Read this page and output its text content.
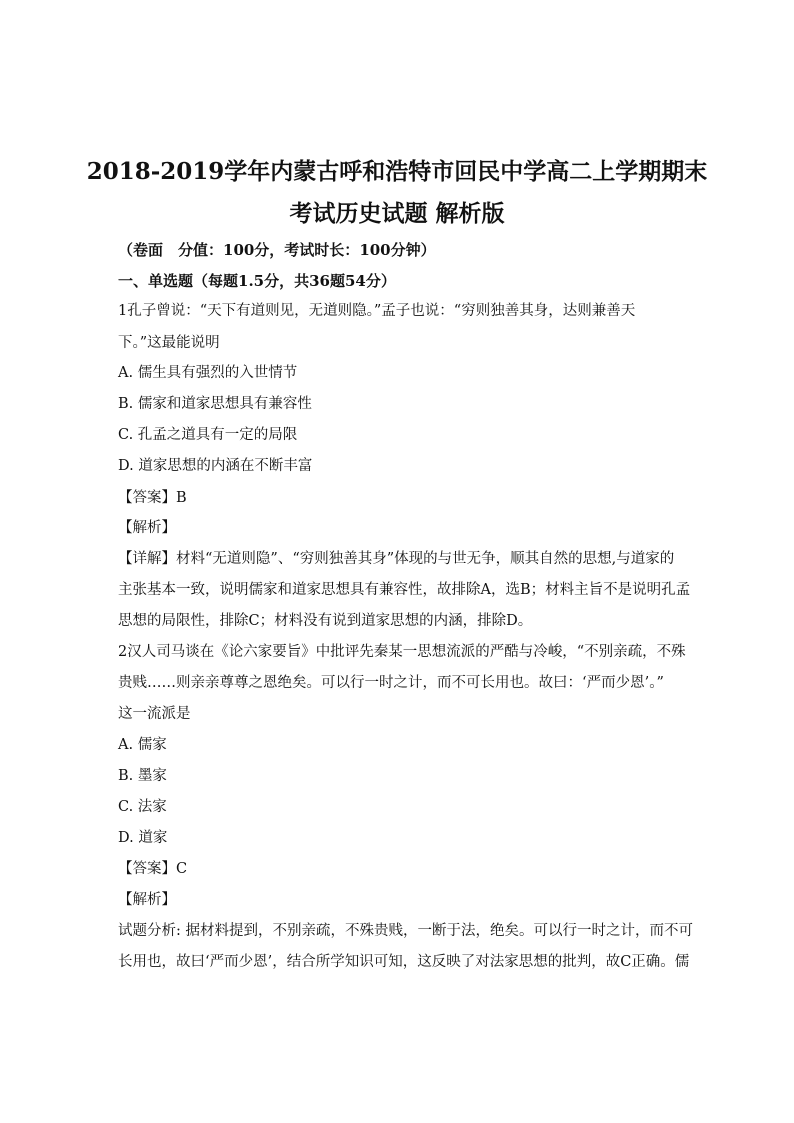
2018-2019学年内蒙古呼和浩特市回民中学高二上学期期末
考试历史试题 解析版

（卷面　分值：100分，考试时长：100分钟）

一、单选题（每题1.5分，共36题54分）

1孔子曾说：“天下有道则见，无道则隐。”孟子也说：“穷则独善其身，达则兼善天

下。”这最能说明

A. 儒生具有强烈的入世情节

B. 儒家和道家思想具有兼容性

C. 孔孟之道具有一定的局限

D. 道家思想的内涵在不断丰富

【答案】B

【解析】

【详解】材料“无道则隐”、“穷则独善其身”体现的与世无争，顺其自然的思想,与道家的

主张基本一致，说明儒家和道家思想具有兼容性，故排除A，选B；材料主旨不是说明孔孟

思想的局限性，排除C；材料没有说到道家思想的内涵，排除D。

2汉人司马谈在《论六家要旨》中批评先秦某一思想流派的严酷与冷峻，“不别亲疏，不殊

贵贱……则亲亲尊尊之恩绝矣。可以行一时之计，而不可长用也。故曰：‘严而少恩’。”

这一流派是

A. 儒家

B. 墨家

C. 法家

D. 道家

【答案】C

【解析】

试题分析: 据材料提到，不别亲疏，不殊贵贱，一断于法，绝矣。可以行一时之计，而不可

长用也，故曰‘严而少恩’，结合所学知识可知，这反映了对法家思想的批判，故C正确。儒
